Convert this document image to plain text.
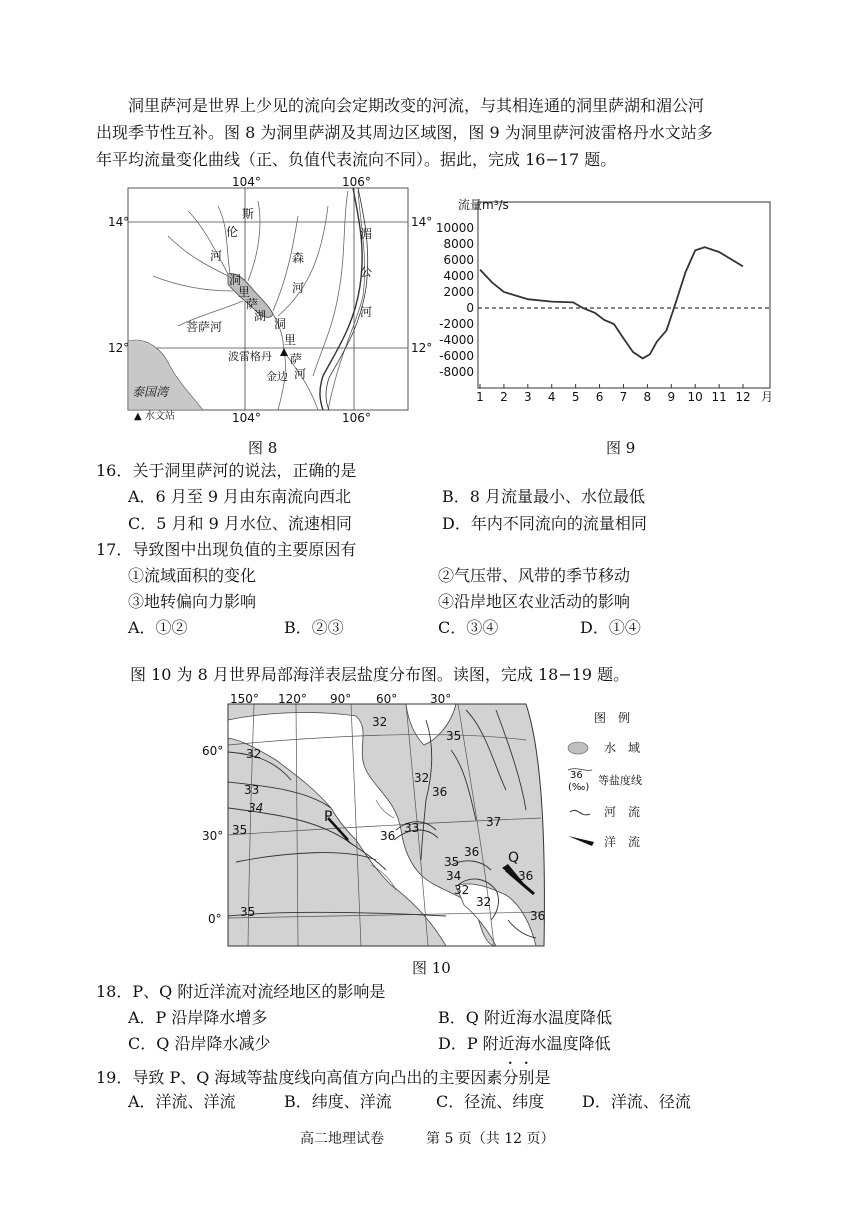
洞里萨河是世界上少见的流向会定期改变的河流，与其相连通的洞里萨湖和湄公河
出现季节性互补。图 8 为洞里萨湖及其周边区域图，图 9 为洞里萨河波雷格丹水文站多
年平均流量变化曲线（正、负值代表流向不同）。据此，完成 16−17 题。
104°	106°
104°	106°
14°	14°
12°	12°
斯
伦
河	森
河
湄
公
河
洞
里
萨
湖
洞
里
萨
河
菩萨河
波雷格丹
金边
泰国湾
▲ 水文站
流量m³/s
月
10000
8000
6000
4000
2000
0
-2000
-4000
-6000
-8000
1 2 3 4 5 6 7 8 9 10 11 12
图 8	图 9
16．关于洞里萨河的说法，正确的是
A．6 月至 9 月由东南流向西北	B．8 月流量最小、水位最低
C．5 月和 9 月水位、流速相同	D．年内不同流向的流量相同
17．导致图中出现负值的主要原因有
①流域面积的变化	②气压带、风带的季节移动
③地转偏向力影响	④沿岸地区农业活动的影响
A．①②	B．②③	C．③④	D．①④
图 10 为 8 月世界局部海洋表层盐度分布图。读图，完成 18−19 题。
150° 120° 90° 60°	30°
60°
30°
0°
32
33
34
35
32
32
33
36
35
36
37
36
35
34
32
32
36
35
36
P
Q
图　例
水　域
36
(‰)
等盐度线
河　流
洋　流
图 10
18．P、Q 附近洋流对流经地区的影响是
A．P 沿岸降水增多	B．Q 附近海水温度降低
C．Q 沿岸降水减少	D．P 附近海水温度降低
19．导致 P、Q 海域等盐度线向高值方向凸出的主要因素分别是
A．洋流、洋流	B．纬度、洋流	C．径流、纬度 D．洋流、径流
高二地理试卷	第 5 页（共 12 页）
